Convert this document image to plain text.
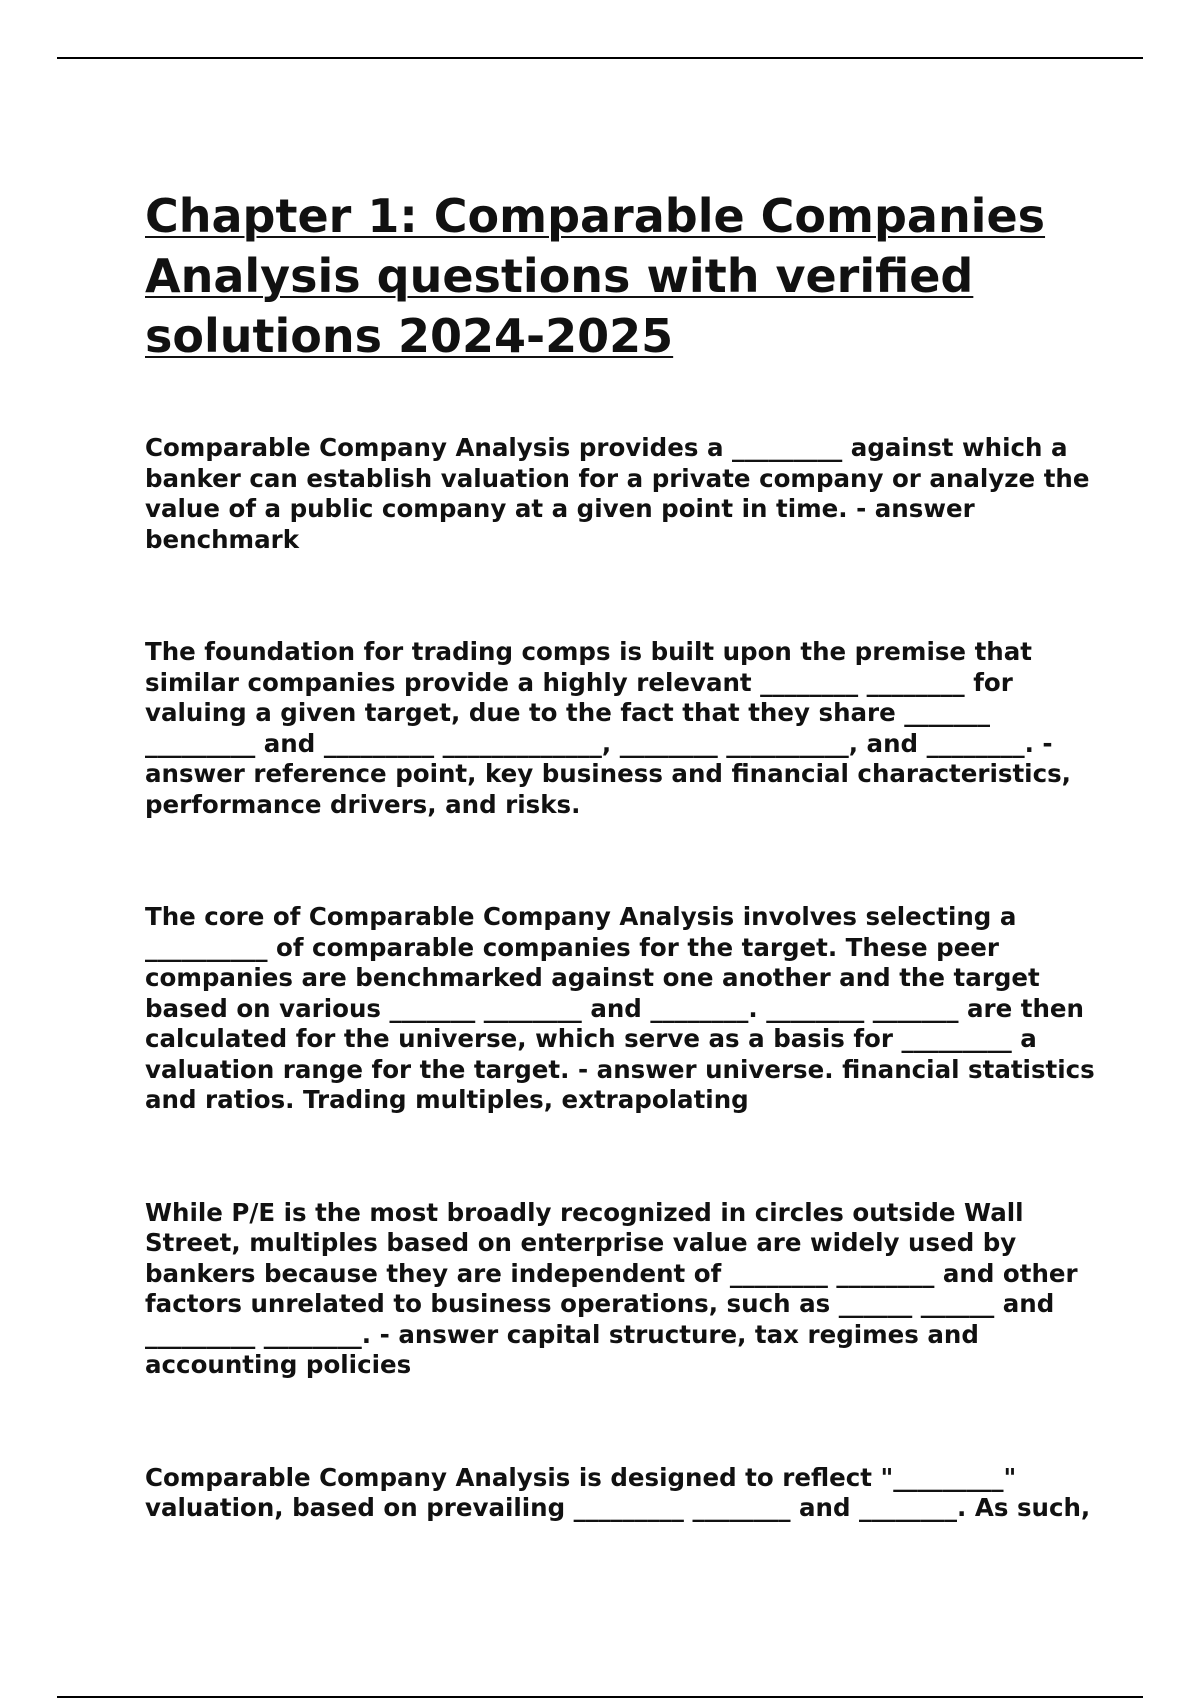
Chapter 1: Comparable Companies Analysis questions with verified solutions 2024-2025

Comparable Company Analysis provides a _________ against which a banker can establish valuation for a private company or analyze the value of a public company at a given point in time. - answer benchmark

The foundation for trading comps is built upon the premise that similar companies provide a highly relevant ________ ________ for valuing a given target, due to the fact that they share _______ _________ and _________ _____________, ________ __________, and ________. - answer reference point, key business and financial characteristics, performance drivers, and risks.

The core of Comparable Company Analysis involves selecting a __________ of comparable companies for the target. These peer companies are benchmarked against one another and the target based on various _______ ________ and ________. ________ _______ are then calculated for the universe, which serve as a basis for _________ a valuation range for the target. - answer universe. financial statistics and ratios. Trading multiples, extrapolating

While P/E is the most broadly recognized in circles outside Wall Street, multiples based on enterprise value are widely used by bankers because they are independent of ________ ________ and other factors unrelated to business operations, such as ______ ______ and _________ ________. - answer capital structure, tax regimes and accounting policies

Comparable Company Analysis is designed to reflect "_________" valuation, based on prevailing _________ ________ and ________. As such,
